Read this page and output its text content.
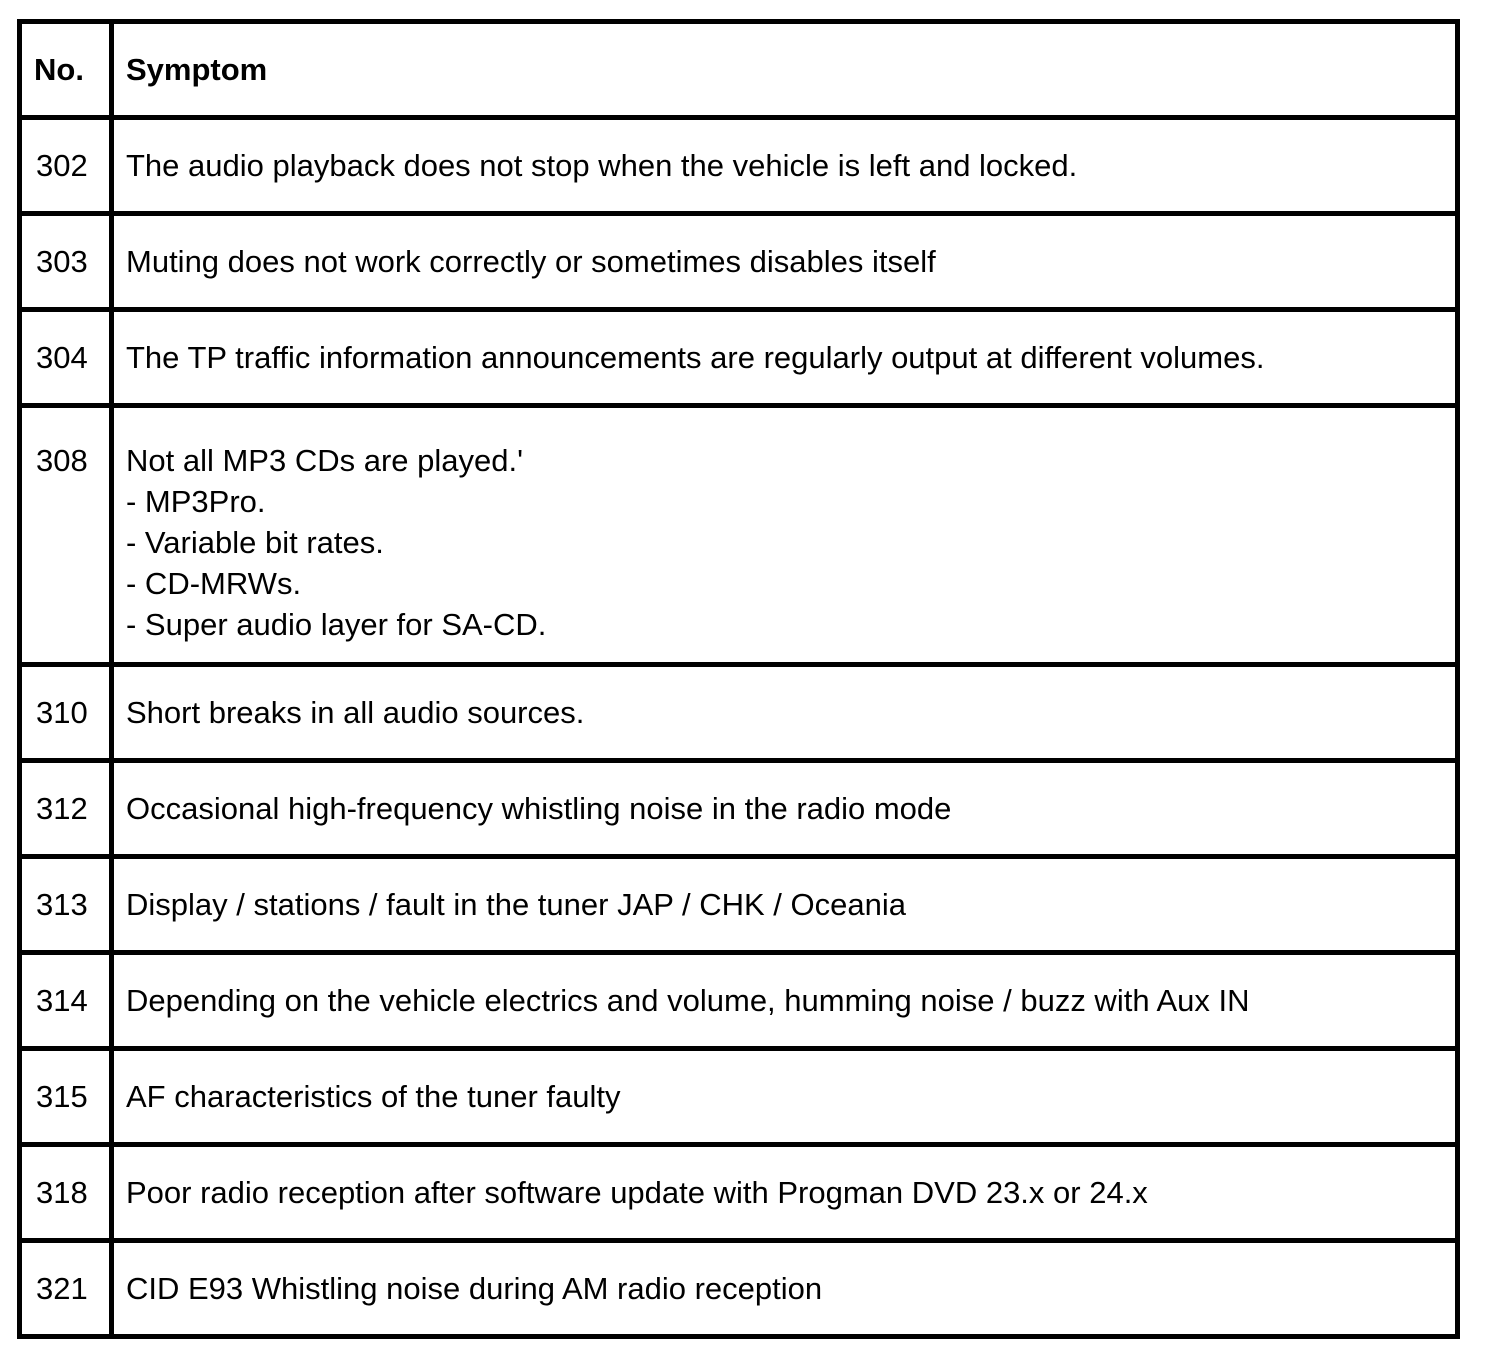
No.	Symptom
302	The audio playback does not stop when the vehicle is left and locked.

303	Muting does not work correctly or sometimes disables itself

304	The TP traffic information announcements are regularly output at different volumes.

308	Not all MP3 CDs are played.'
- MP3Pro.
- Variable bit rates.
- CD-MRWs.
- Super audio layer for SA-CD.

310	Short breaks in all audio sources.

312	Occasional high-frequency whistling noise in the radio mode

313	Display / stations / fault in the tuner JAP / CHK / Oceania

314	Depending on the vehicle electrics and volume, humming noise / buzz with Aux IN

315	AF characteristics of the tuner faulty

318	Poor radio reception after software update with Progman DVD 23.x or 24.x

321	CID E93 Whistling noise during AM radio reception
